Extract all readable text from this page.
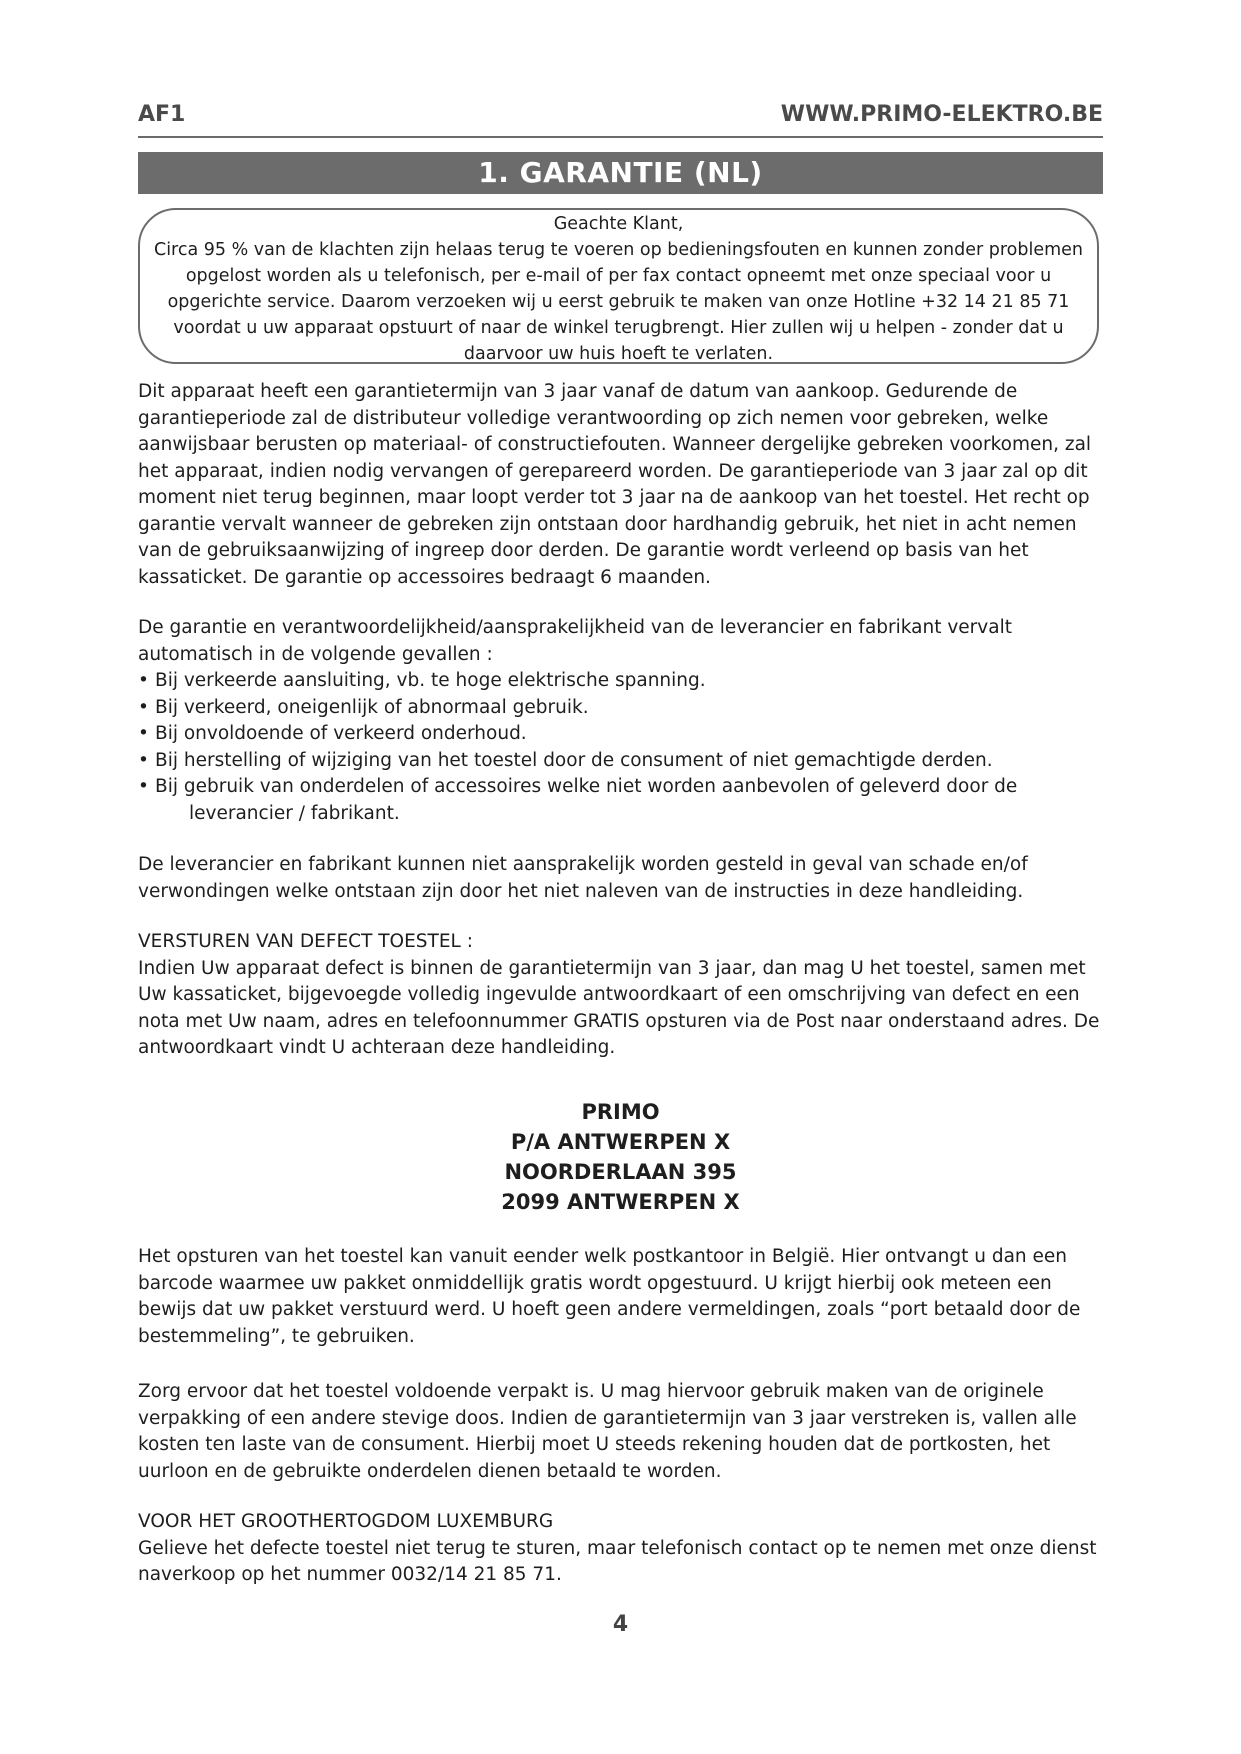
AF1	WWW.PRIMO-ELEKTRO.BE
1. GARANTIE (NL)
Geachte Klant,
Circa 95 % van de klachten zijn helaas terug te voeren op bedieningsfouten en kunnen zonder problemen
opgelost worden als u telefonisch, per e-mail of per fax contact opneemt met onze speciaal voor u
opgerichte service. Daarom verzoeken wij u eerst gebruik te maken van onze Hotline +32 14 21 85 71
voordat u uw apparaat opstuurt of naar de winkel terugbrengt. Hier zullen wij u helpen - zonder dat u
daarvoor uw huis hoeft te verlaten.
Dit apparaat heeft een garantietermijn van 3 jaar vanaf de datum van aankoop. Gedurende de
garantieperiode zal de distributeur volledige verantwoording op zich nemen voor gebreken, welke
aanwijsbaar berusten op materiaal- of constructiefouten. Wanneer dergelijke gebreken voorkomen, zal
het apparaat, indien nodig vervangen of gerepareerd worden. De garantieperiode van 3 jaar zal op dit
moment niet terug beginnen, maar loopt verder tot 3 jaar na de aankoop van het toestel. Het recht op
garantie vervalt wanneer de gebreken zijn ontstaan door hardhandig gebruik, het niet in acht nemen
van de gebruiksaanwijzing of ingreep door derden. De garantie wordt verleend op basis van het
kassaticket. De garantie op accessoires bedraagt 6 maanden.
De garantie en verantwoordelijkheid/aansprakelijkheid van de leverancier en fabrikant vervalt
automatisch in de volgende gevallen :
• Bij verkeerde aansluiting, vb. te hoge elektrische spanning.
• Bij verkeerd, oneigenlijk of abnormaal gebruik.
• Bij onvoldoende of verkeerd onderhoud.
• Bij herstelling of wijziging van het toestel door de consument of niet gemachtigde derden.
• Bij gebruik van onderdelen of accessoires welke niet worden aanbevolen of geleverd door de
leverancier / fabrikant.
De leverancier en fabrikant kunnen niet aansprakelijk worden gesteld in geval van schade en/of
verwondingen welke ontstaan zijn door het niet naleven van de instructies in deze handleiding.
VERSTUREN VAN DEFECT TOESTEL :
Indien Uw apparaat defect is binnen de garantietermijn van 3 jaar, dan mag U het toestel, samen met
Uw kassaticket, bijgevoegde volledig ingevulde antwoordkaart of een omschrijving van defect en een
nota met Uw naam, adres en telefoonnummer GRATIS opsturen via de Post naar onderstaand adres. De
antwoordkaart vindt U achteraan deze handleiding.
PRIMO
P/A ANTWERPEN X
NOORDERLAAN 395
2099 ANTWERPEN X
Het opsturen van het toestel kan vanuit eender welk postkantoor in België. Hier ontvangt u dan een
barcode waarmee uw pakket onmiddellijk gratis wordt opgestuurd. U krijgt hierbij ook meteen een
bewijs dat uw pakket verstuurd werd. U hoeft geen andere vermeldingen, zoals “port betaald door de
bestemmeling”, te gebruiken.
Zorg ervoor dat het toestel voldoende verpakt is. U mag hiervoor gebruik maken van de originele
verpakking of een andere stevige doos. Indien de garantietermijn van 3 jaar verstreken is, vallen alle
kosten ten laste van de consument. Hierbij moet U steeds rekening houden dat de portkosten, het
uurloon en de gebruikte onderdelen dienen betaald te worden.
VOOR HET GROOTHERTOGDOM LUXEMBURG
Gelieve het defecte toestel niet terug te sturen, maar telefonisch contact op te nemen met onze dienst
naverkoop op het nummer 0032/14 21 85 71.
4
